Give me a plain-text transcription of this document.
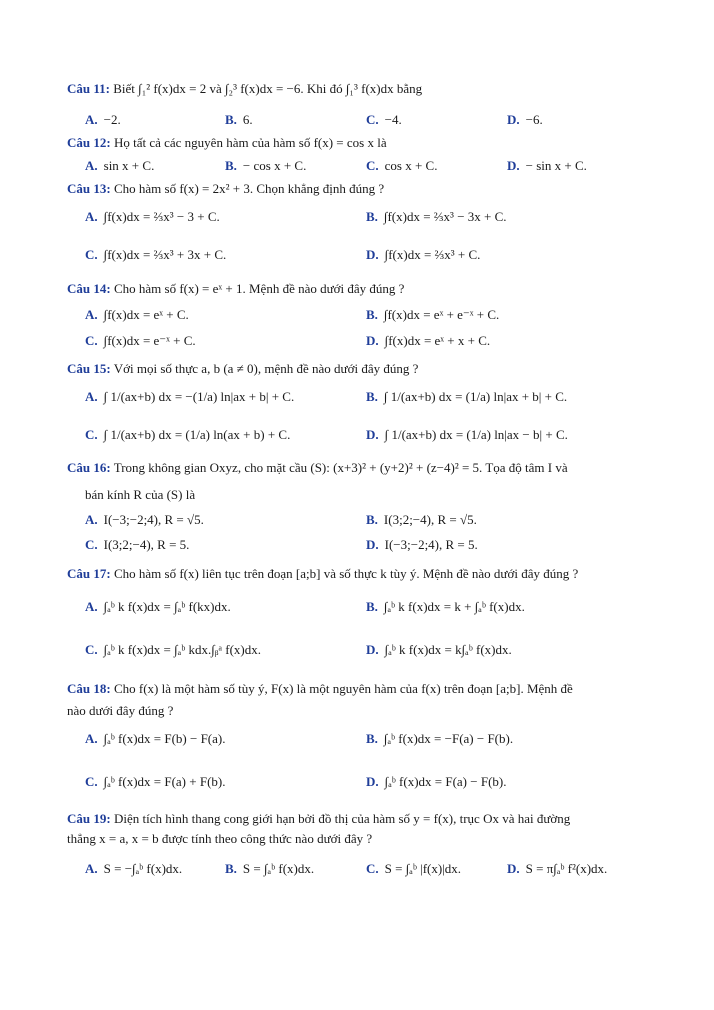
Câu 11: Biết ∫₁² f(x)dx = 2 và ∫₂³ f(x)dx = −6. Khi đó ∫₁³ f(x)dx bằng
A. −2.	B. 6.	C. −4.	D. −6.
Câu 12: Họ tất cả các nguyên hàm của hàm số f(x) = cos x là
A. sin x + C.	B. − cos x + C.	C. cos x + C.	D. − sin x + C.
Câu 13: Cho hàm số f(x) = 2x² + 3. Chọn khẳng định đúng ?
A. ∫f(x)dx = ⅔x³ − 3 + C.	B. ∫f(x)dx = ⅔x³ − 3x + C.
C. ∫f(x)dx = ⅔x³ + 3x + C.	D. ∫f(x)dx = ⅔x³ + C.
Câu 14: Cho hàm số f(x) = eˣ + 1. Mệnh đề nào dưới đây đúng ?
A. ∫f(x)dx = eˣ + C.	B. ∫f(x)dx = eˣ + e⁻ˣ + C.
C. ∫f(x)dx = e⁻ˣ + C.	D. ∫f(x)dx = eˣ + x + C.
Câu 15: Với mọi số thực a, b (a ≠ 0), mệnh đề nào dưới đây đúng ?
A. ∫ 1/(ax+b) dx = −(1/a) ln|ax + b| + C.	B. ∫ 1/(ax+b) dx = (1/a) ln|ax + b| + C.
C. ∫ 1/(ax+b) dx = (1/a) ln(ax + b) + C.	D. ∫ 1/(ax+b) dx = (1/a) ln|ax − b| + C.
Câu 16: Trong không gian Oxyz, cho mặt cầu (S): (x+3)² + (y+2)² + (z−4)² = 5. Tọa độ tâm I và
bán kính R của (S) là
A. I(−3;−2;4), R = √5.	B. I(3;2;−4), R = √5.
C. I(3;2;−4), R = 5.	D. I(−3;−2;4), R = 5.
Câu 17: Cho hàm số f(x) liên tục trên đoạn [a;b] và số thực k tùy ý. Mệnh đề nào dưới đây đúng ?
A. ∫ₐᵇ k f(x)dx = ∫ₐᵇ f(kx)dx.	B. ∫ₐᵇ k f(x)dx = k + ∫ₐᵇ f(x)dx.
C. ∫ₐᵇ k f(x)dx = ∫ₐᵇ kdx.∫ᵦᵃ f(x)dx.	D. ∫ₐᵇ k f(x)dx = k∫ₐᵇ f(x)dx.
Câu 18: Cho f(x) là một hàm số tùy ý, F(x) là một nguyên hàm của f(x) trên đoạn [a;b]. Mệnh đề
nào dưới đây đúng ?
A. ∫ₐᵇ f(x)dx = F(b) − F(a).	B. ∫ₐᵇ f(x)dx = −F(a) − F(b).
C. ∫ₐᵇ f(x)dx = F(a) + F(b).	D. ∫ₐᵇ f(x)dx = F(a) − F(b).
Câu 19: Diện tích hình thang cong giới hạn bởi đồ thị của hàm số y = f(x), trục Ox và hai đường
thẳng x = a, x = b được tính theo công thức nào dưới đây ?
A. S = −∫ₐᵇ f(x)dx.	B. S = ∫ₐᵇ f(x)dx.	C. S = ∫ₐᵇ |f(x)|dx.	D. S = π∫ₐᵇ f²(x)dx.
